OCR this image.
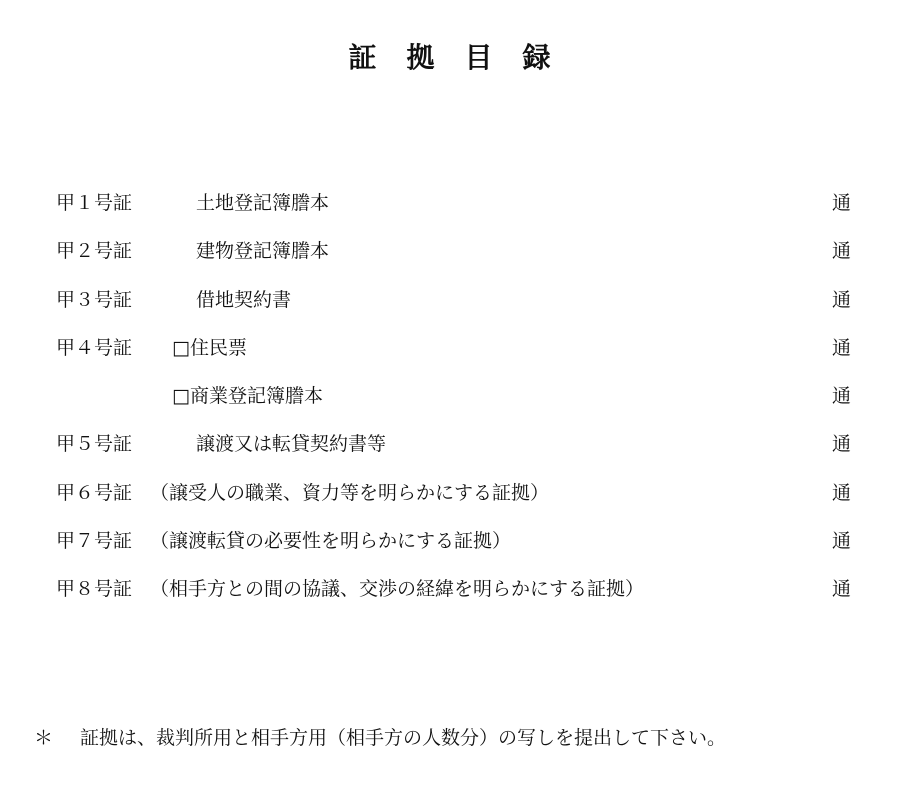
証　拠　目　録
甲１号証	土地登記簿謄本	通
甲２号証	建物登記簿謄本	通
甲３号証	借地契約書	通
甲４号証 □住民票	通
□商業登記簿謄本	通
甲５号証	譲渡又は転貸契約書等	通
甲６号証 （譲受人の職業、資力等を明らかにする証拠）	通
甲７号証 （譲渡転貸の必要性を明らかにする証拠）	通
甲８号証 （相手方との間の協議、交渉の経緯を明らかにする証拠）	通
＊ 証拠は、裁判所用と相手方用（相手方の人数分）の写しを提出して下さい。
